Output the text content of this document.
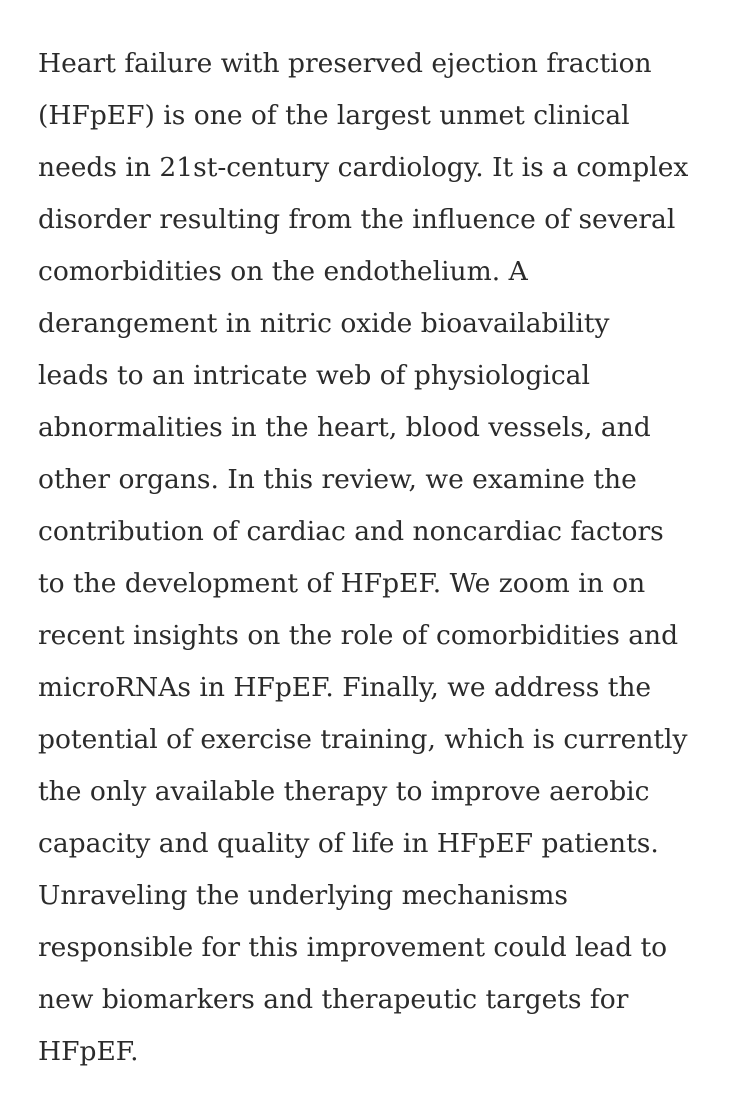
Heart failure with preserved ejection fraction
(HFpEF) is one of the largest unmet clinical
needs in 21st-century cardiology. It is a complex
disorder resulting from the influence of several
comorbidities on the endothelium. A
derangement in nitric oxide bioavailability
leads to an intricate web of physiological
abnormalities in the heart, blood vessels, and
other organs. In this review, we examine the
contribution of cardiac and noncardiac factors
to the development of HFpEF. We zoom in on
recent insights on the role of comorbidities and
microRNAs in HFpEF. Finally, we address the
potential of exercise training, which is currently
the only available therapy to improve aerobic
capacity and quality of life in HFpEF patients.
Unraveling the underlying mechanisms
responsible for this improvement could lead to
new biomarkers and therapeutic targets for
HFpEF.
